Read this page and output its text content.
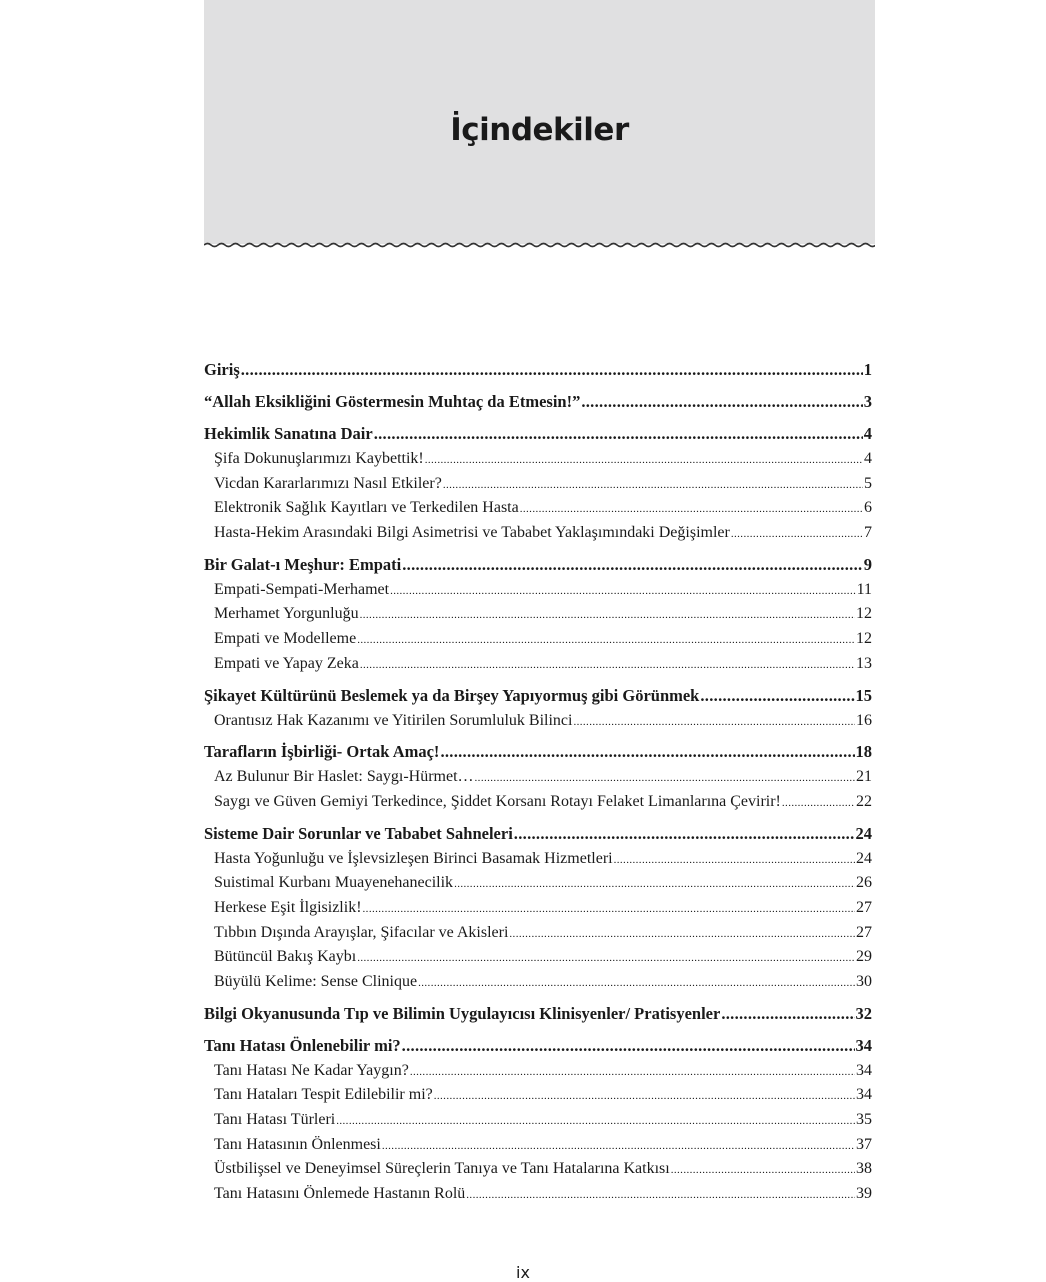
İçindekiler
Giriş .....	1
“Allah Eksikliğini Göstermesin Muhtaç da Etmesin!” .....	3
Hekimlik Sanatına Dair .....	4
Şifa Dokunuşlarımızı Kaybettik! .....	4
Vicdan Kararlarımızı Nasıl Etkiler? .....	5
Elektronik Sağlık Kayıtları ve Terkedilen Hasta .....	6
Hasta-Hekim Arasındaki Bilgi Asimetrisi ve Tababet Yaklaşımındaki Değişimler .....	7
Bir Galat-ı Meşhur: Empati .....	9
Empati-Sempati-Merhamet .....	11
Merhamet Yorgunluğu .....	12
Empati ve Modelleme .....	12
Empati ve Yapay Zeka .....	13
Şikayet Kültürünü Beslemek ya da Birşey Yapıyormuş gibi Görünmek .....	15
Orantısız Hak Kazanımı ve Yitirilen Sorumluluk Bilinci .....	16
Tarafların İşbirliği- Ortak Amaç! .....	18
Az Bulunur Bir Haslet: Saygı-Hürmet… .....	21
Saygı ve Güven Gemiyi Terkedince, Şiddet Korsanı Rotayı Felaket Limanlarına Çevirir! .....	22
Sisteme Dair Sorunlar ve Tababet Sahneleri .....	24
Hasta Yoğunluğu ve İşlevsizleşen Birinci Basamak Hizmetleri .....	24
Suistimal Kurbanı Muayenehanecilik .....	26
Herkese Eşit İlgisizlik! .....	27
Tıbbın Dışında Arayışlar, Şifacılar ve Akisleri .....	27
Bütüncül Bakış Kaybı .....	29
Büyülü Kelime: Sense Clinique .....	30
Bilgi Okyanusunda Tıp ve Bilimin Uygulayıcısı Klinisyenler/ Pratisyenler .....	32
Tanı Hatası Önlenebilir mi? .....	34
Tanı Hatası Ne Kadar Yaygın? .....	34
Tanı Hataları Tespit Edilebilir mi? .....	34
Tanı Hatası Türleri .....	35
Tanı Hatasının Önlenmesi .....	37
Üstbilişsel ve Deneyimsel Süreçlerin Tanıya ve Tanı Hatalarına Katkısı .....	38
Tanı Hatasını Önlemede Hastanın Rolü .....	39
ix
